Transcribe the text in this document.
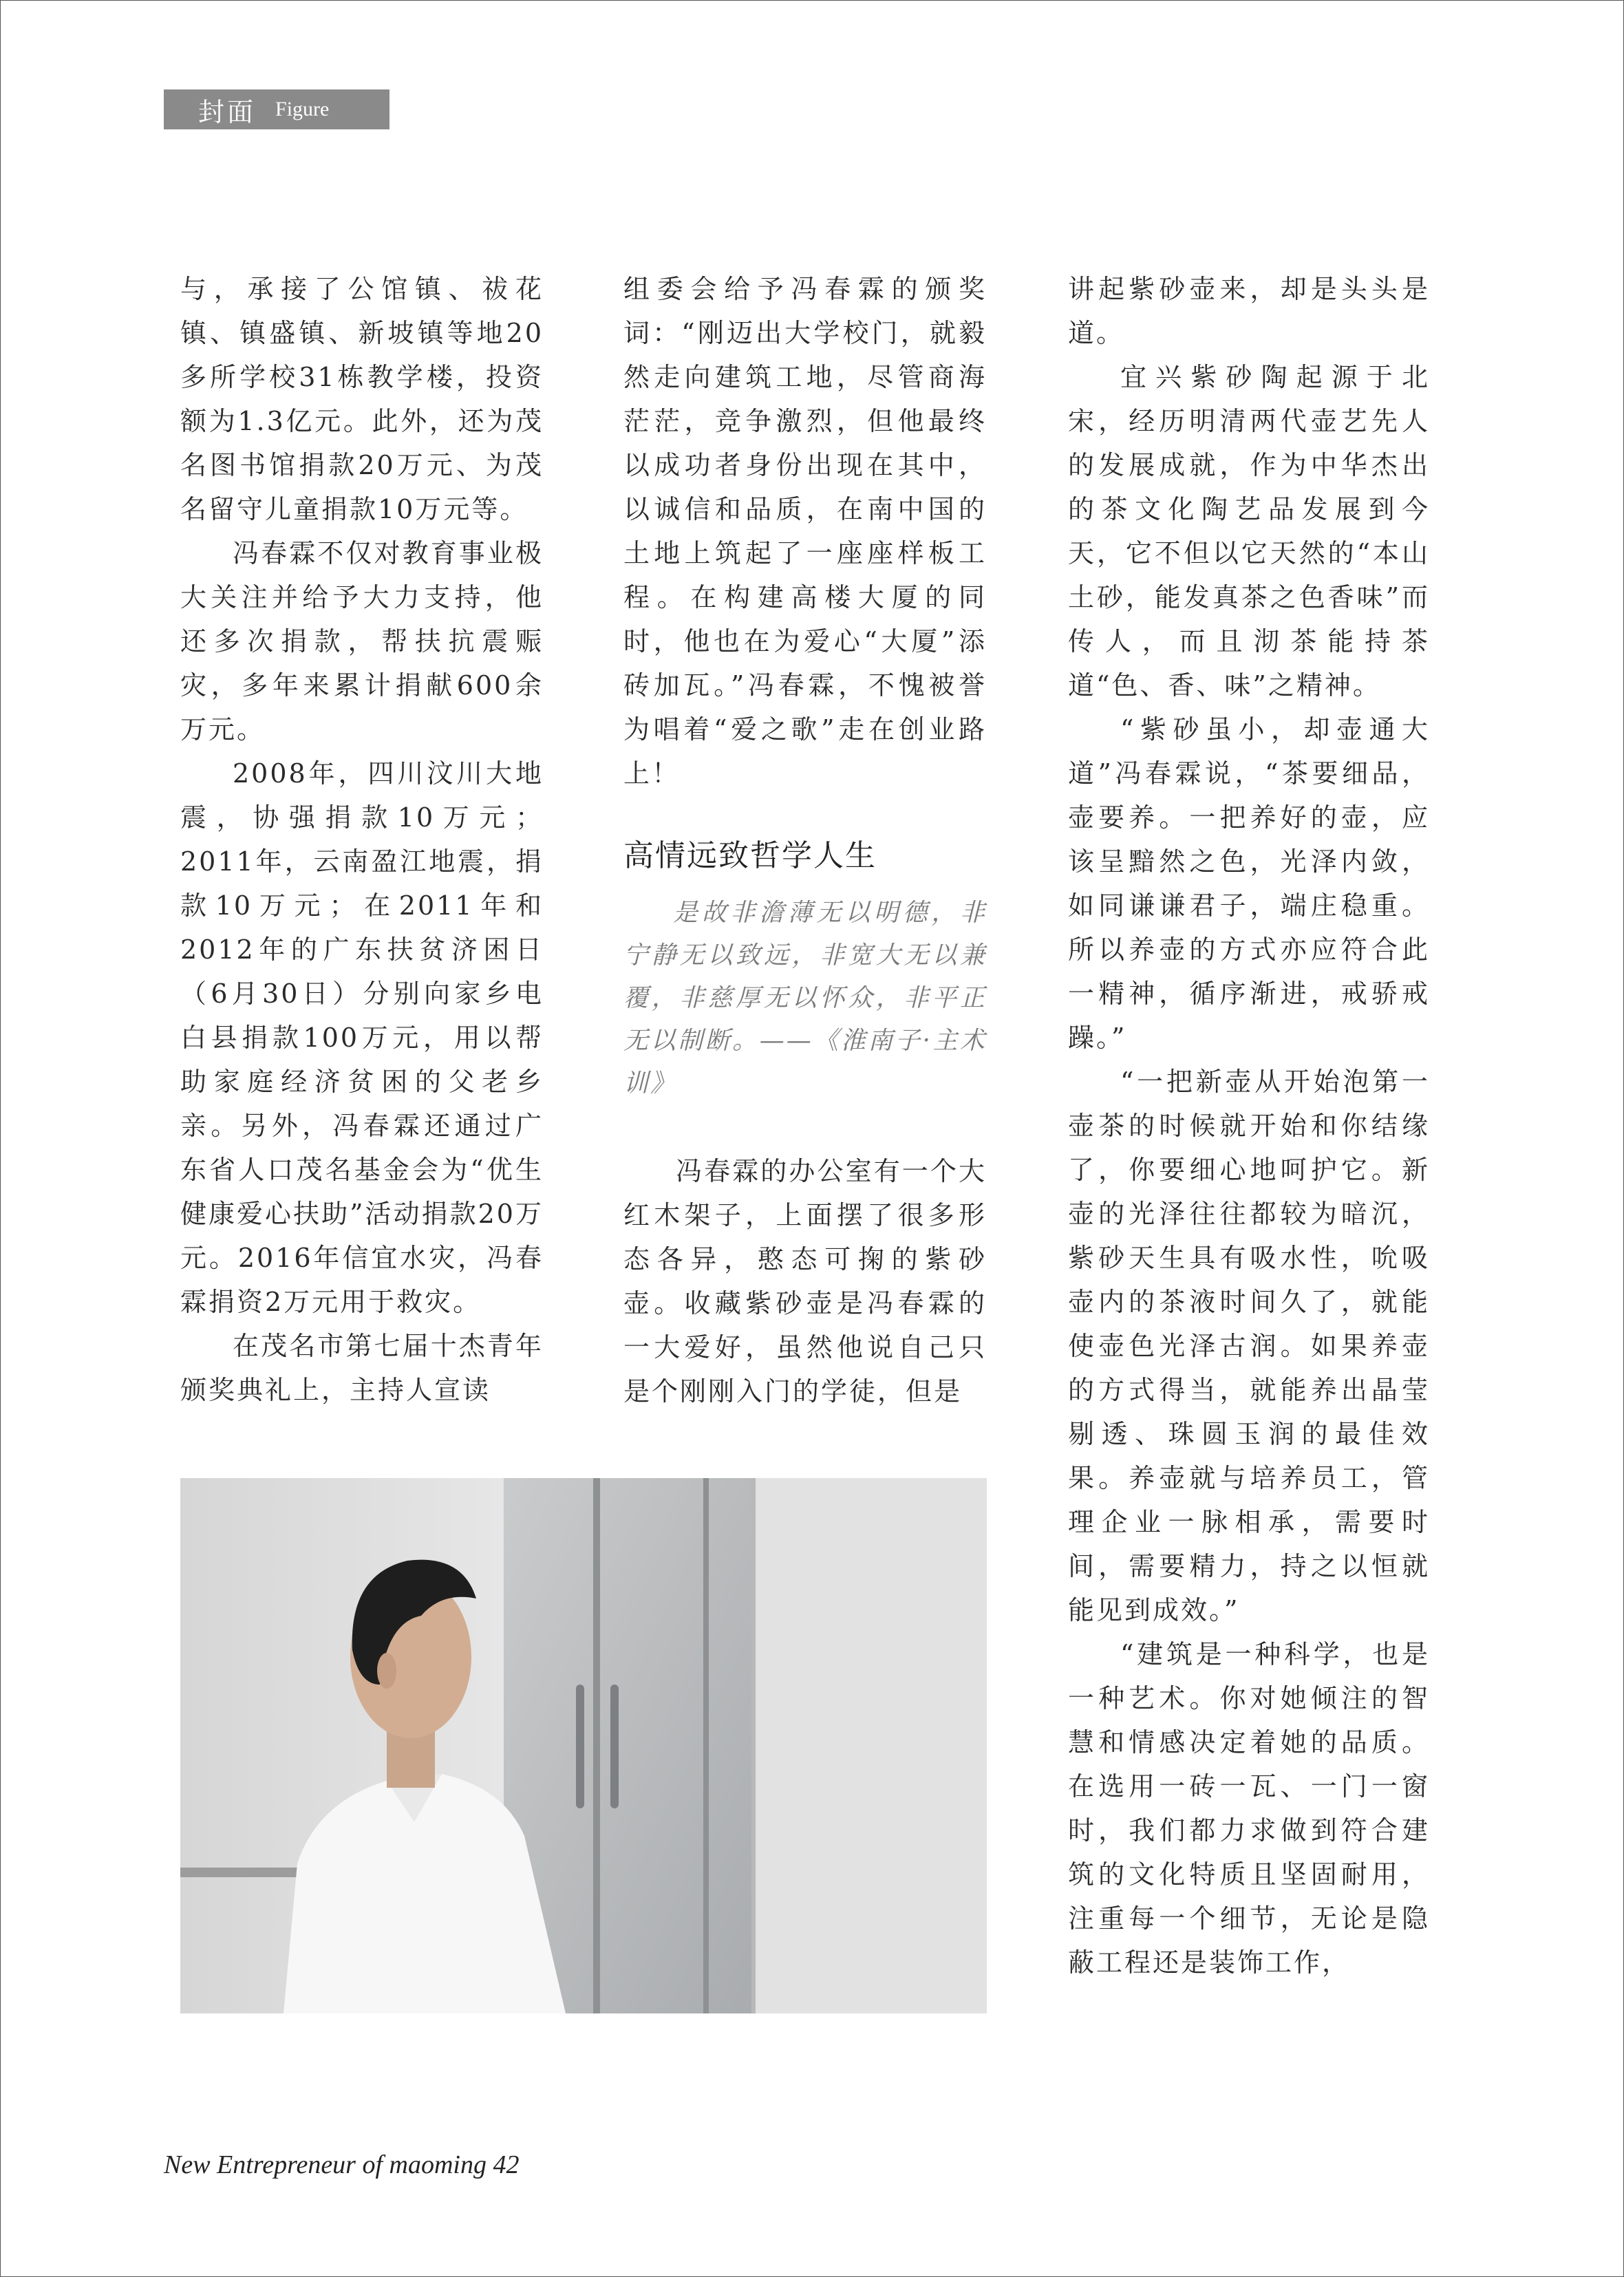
封面 Figure

与，承接了公馆镇、祓花镇、镇盛镇、新坡镇等地20多所学校31栋教学楼，投资额为1.3亿元。此外，还为茂名图书馆捐款20万元、为茂名留守儿童捐款10万元等。

冯春霖不仅对教育事业极大关注并给予大力支持，他还多次捐款，帮扶抗震赈灾，多年来累计捐献600余万元。

2008年，四川汶川大地震，协强捐款10万元；2011年，云南盈江地震，捐款10万元；在2011年和2012年的广东扶贫济困日（6月30日）分别向家乡电白县捐款100万元，用以帮助家庭经济贫困的父老乡亲。另外，冯春霖还通过广东省人口茂名基金会为“优生健康爱心扶助”活动捐款20万元。2016年信宜水灾，冯春霖捐资2万元用于救灾。

在茂名市第七届十杰青年颁奖典礼上，主持人宣读

组委会给予冯春霖的颁奖词：“刚迈出大学校门，就毅然走向建筑工地，尽管商海茫茫，竞争激烈，但他最终以成功者身份出现在其中，以诚信和品质，在南中国的土地上筑起了一座座样板工程。在构建高楼大厦的同时，他也在为爱心“大厦”添砖加瓦。”冯春霖，不愧被誉为唱着“爱之歌”走在创业路上！

高情远致哲学人生

是故非澹薄无以明德，非宁静无以致远，非宽大无以兼覆，非慈厚无以怀众，非平正无以制断。——《淮南子·主术训》

冯春霖的办公室有一个大红木架子，上面摆了很多形态各异，憨态可掬的紫砂壶。收藏紫砂壶是冯春霖的一大爱好，虽然他说自己只是个刚刚入门的学徒，但是

讲起紫砂壶来，却是头头是道。

宜兴紫砂陶起源于北宋，经历明清两代壶艺先人的发展成就，作为中华杰出的茶文化陶艺品发展到今天，它不但以它天然的“本山土砂，能发真茶之色香味”而传人，而且沏茶能持茶道“色、香、味”之精神。

“紫砂虽小，却壶通大道”冯春霖说，“茶要细品，壶要养。一把养好的壶，应该呈黯然之色，光泽内敛，如同谦谦君子，端庄稳重。所以养壶的方式亦应符合此一精神，循序渐进，戒骄戒躁。”

“一把新壶从开始泡第一壶茶的时候就开始和你结缘了，你要细心地呵护它。新壶的光泽往往都较为暗沉，紫砂天生具有吸水性，吮吸壶内的茶液时间久了，就能使壶色光泽古润。如果养壶的方式得当，就能养出晶莹剔透、珠圆玉润的最佳效果。养壶就与培养员工，管理企业一脉相承，需要时间，需要精力，持之以恒就能见到成效。”

“建筑是一种科学，也是一种艺术。你对她倾注的智慧和情感决定着她的品质。在选用一砖一瓦、一门一窗时，我们都力求做到符合建筑的文化特质且坚固耐用，注重每一个细节，无论是隐蔽工程还是装饰工作，

New Entrepreneur of maoming 42
